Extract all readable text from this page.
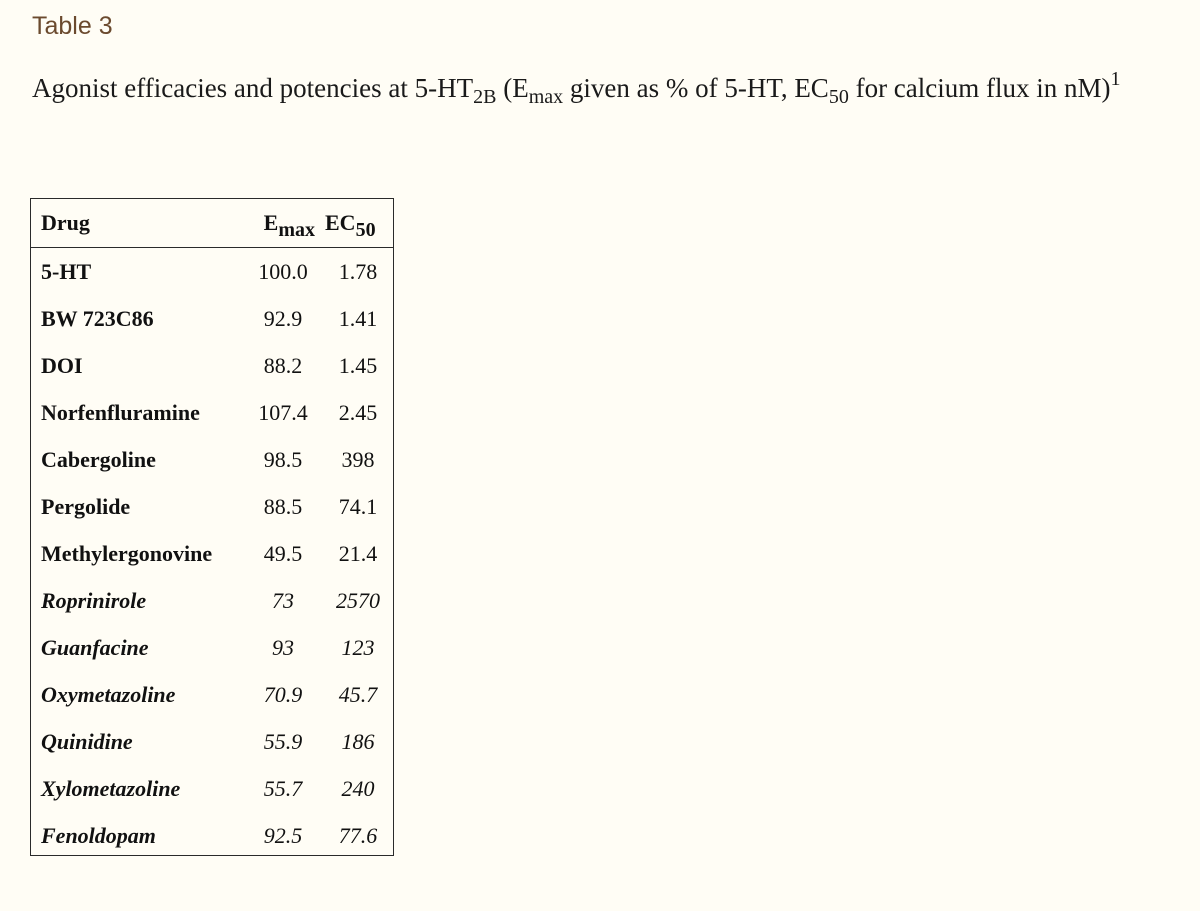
Table 3
Agonist efficacies and potencies at $5-HT_{2B}$ ($E_{max}$ given as % of 5-HT, $EC_{50}$ for calcium flux in nM)$^1$
Drug	$E_{max}$	$EC_{50}$
5-HT	100.0	1.78
BW 723C86	92.9	1.41
DOI	88.2	1.45
Norfenfluramine	107.4	2.45
Cabergoline	98.5	398
Pergolide	88.5	74.1
Methylergonovine	49.5	21.4
Roprinirole	73	2570
Guanfacine	93	123
Oxymetazoline	70.9	45.7
Quinidine	55.9	186
Xylometazoline	55.7	240
Fenoldopam	92.5	77.6
